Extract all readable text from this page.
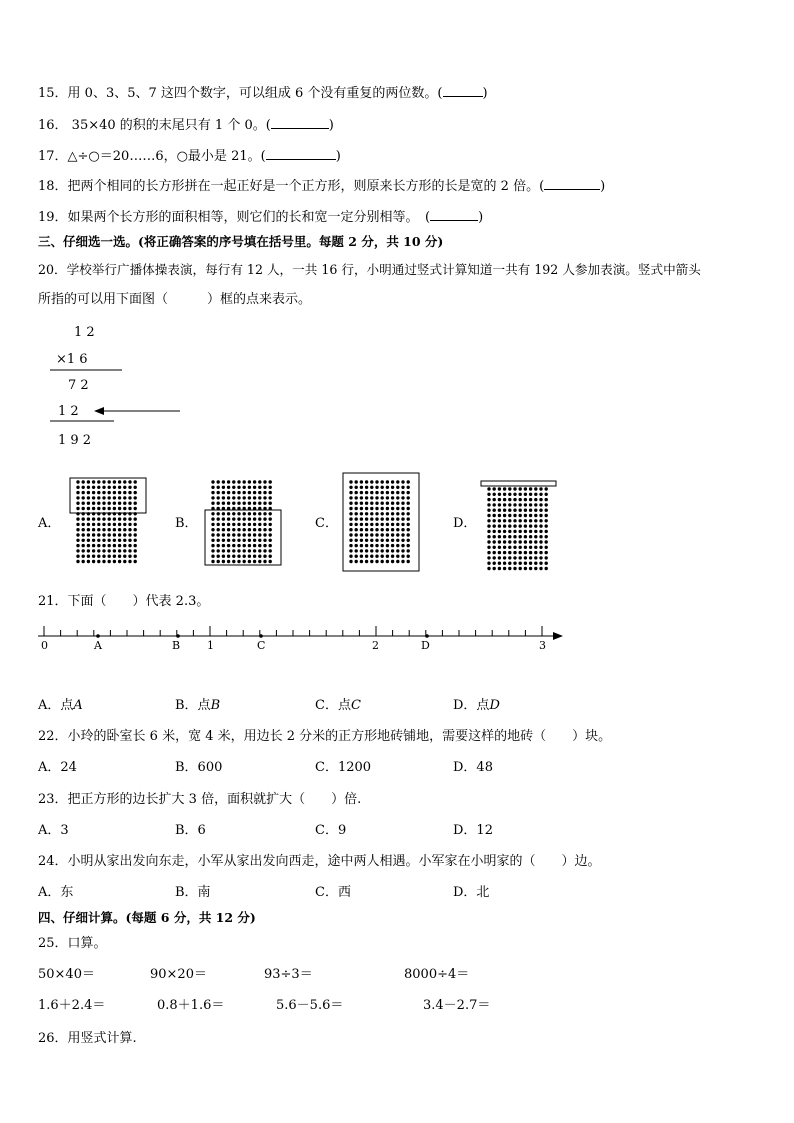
15．用 0、3、5、7 这四个数字，可以组成 6 个没有重复的两位数。(	)
16． 35×40 的积的末尾只有 1 个 0。(	)
17．△÷○＝20……6，○最小是 21。(	)
18．把两个相同的长方形拼在一起正好是一个正方形，则原来长方形的长是宽的 2 倍。(	)
19．如果两个长方形的面积相等，则它们的长和宽一定分别相等。　(	)
三、仔细选一选。(将正确答案的序号填在括号里。每题 2 分，共 10 分)
20．学校举行广播体操表演，每行有 12 人，一共 16 行，小明通过竖式计算知道一共有 192 人参加表演。竖式中箭头
所指的可以用下面图（　　　）框的点来表示。
1 2
×1 6
7 2
1 2
1 9 2
A．	B．	C．	D．
21．下面（　　）代表 2.3。
0	A	B 1	C	2	D	3
A．点A	B．点B	C．点C	D．点D
22．小玲的卧室长 6 米，宽 4 米，用边长 2 分米的正方形地砖铺地，需要这样的地砖（　　）块。
A．24	B．600	C．1200	D．48
23．把正方形的边长扩大 3 倍，面积就扩大（　　）倍.
A．3	B．6	C．9	D．12
24．小明从家出发向东走，小军从家出发向西走，途中两人相遇。小军家在小明家的（　　）边。
A．东	B．南	C．西	D．北
四、仔细计算。(每题 6 分，共 12 分)
25．口算。
50×40＝	90×20＝	93÷3＝	8000÷4＝
1.6＋2.4＝	0.8＋1.6＝	5.6－5.6＝	3.4－2.7＝
26．用竖式计算.
